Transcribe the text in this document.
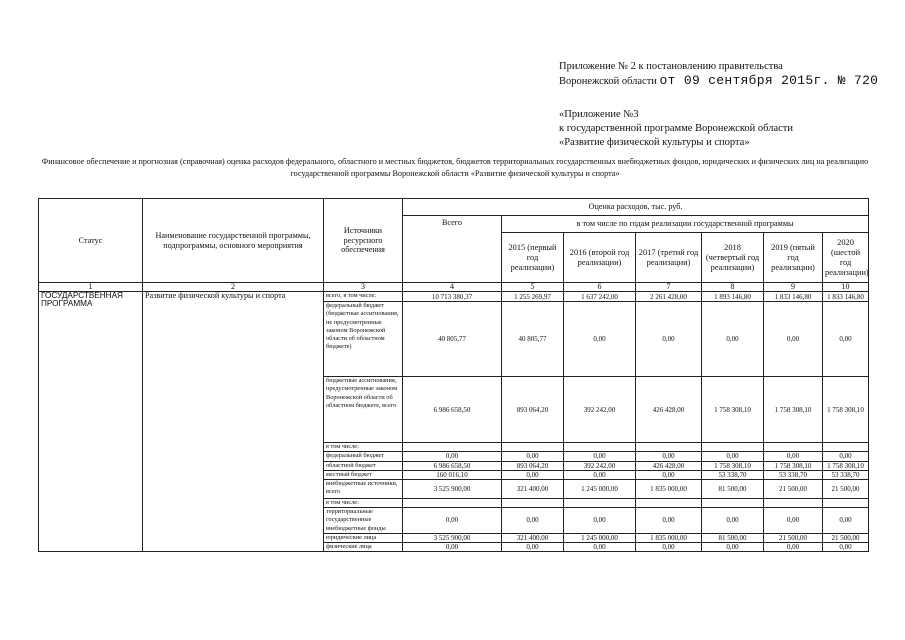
Приложение № 2 к постановлению правительства
Воронежской области от 09 сентября 2015г. № 720
«Приложение №3
к государственной программе Воронежской области
«Развитие физической культуры и спорта»
Финансовое обеспечение и прогнозная (справочная) оценка расходов федерального, областного и местных бюджетов, бюджетов территориальных государственных внебюджетных фондов, юридических и физических лиц на реализацию государственной программы Воронежской области «Развитие физической культуры и спорта»
Статус	Наименование государственной программы, подпрограммы, основного мероприятия	Источники ресурсного обеспечения	Оценка расходов, тыс. руб.						
			Всего	в том числе по годам реализации государственной программы					
				2015 (первый год реализации)	2016 (второй год реализации)	2017 (третий год реализации)	2018 (четвертый год реализации)	2019 (пятый год реализации)	2020 (шестой год реализации)
1	2	3	4	5	6	7	8	9	10
ГОСУДАРСТВЕННАЯ ПРОГРАММА	Развитие физической культуры и спорта	всего, в том числе:	10 713 380,37	1 255 269,97	1 637 242,00	2 261 428,00	1 893 146,80	1 833 146,80	1 833 146,80
		федеральный бюджет (бюджетные ассигнования, не предусмотренные законом Воронежской области об областном бюджете)	40 805,77	40 805,77	0,00	0,00	0,00	0,00	0,00
		бюджетные ассигнования, предусмотренные законом Воронежской области об областном бюджете, всего	6 986 658,50	893 064,20	392 242,00	426 428,00	1 758 308,10	1 758 308,10	1 758 308,10
		в том числе:							
		федеральный бюджет	0,00	0,00	0,00	0,00	0,00	0,00	0,00
		областной бюджет	6 986 658,50	893 064,20	392 242,00	426 428,00	1 758 308,10	1 758 308,10	1 758 308,10
		местный бюджет	160 016,10	0,00	0,00	0,00	53 338,70	53 338,70	53 338,70
		внебюджетные источники, всего	3 525 900,00	321 400,00	1 245 000,00	1 835 000,00	81 500,00	21 500,00	21 500,00
		в том числе:							
		территориальные государственные внебюджетные фонды	0,00	0,00	0,00	0,00	0,00	0,00	0,00
		юридические лица	3 525 900,00	321 400,00	1 245 000,00	1 835 000,00	81 500,00	21 500,00	21 500,00
		физические лица	0,00	0,00	0,00	0,00	0,00	0,00	0,00
